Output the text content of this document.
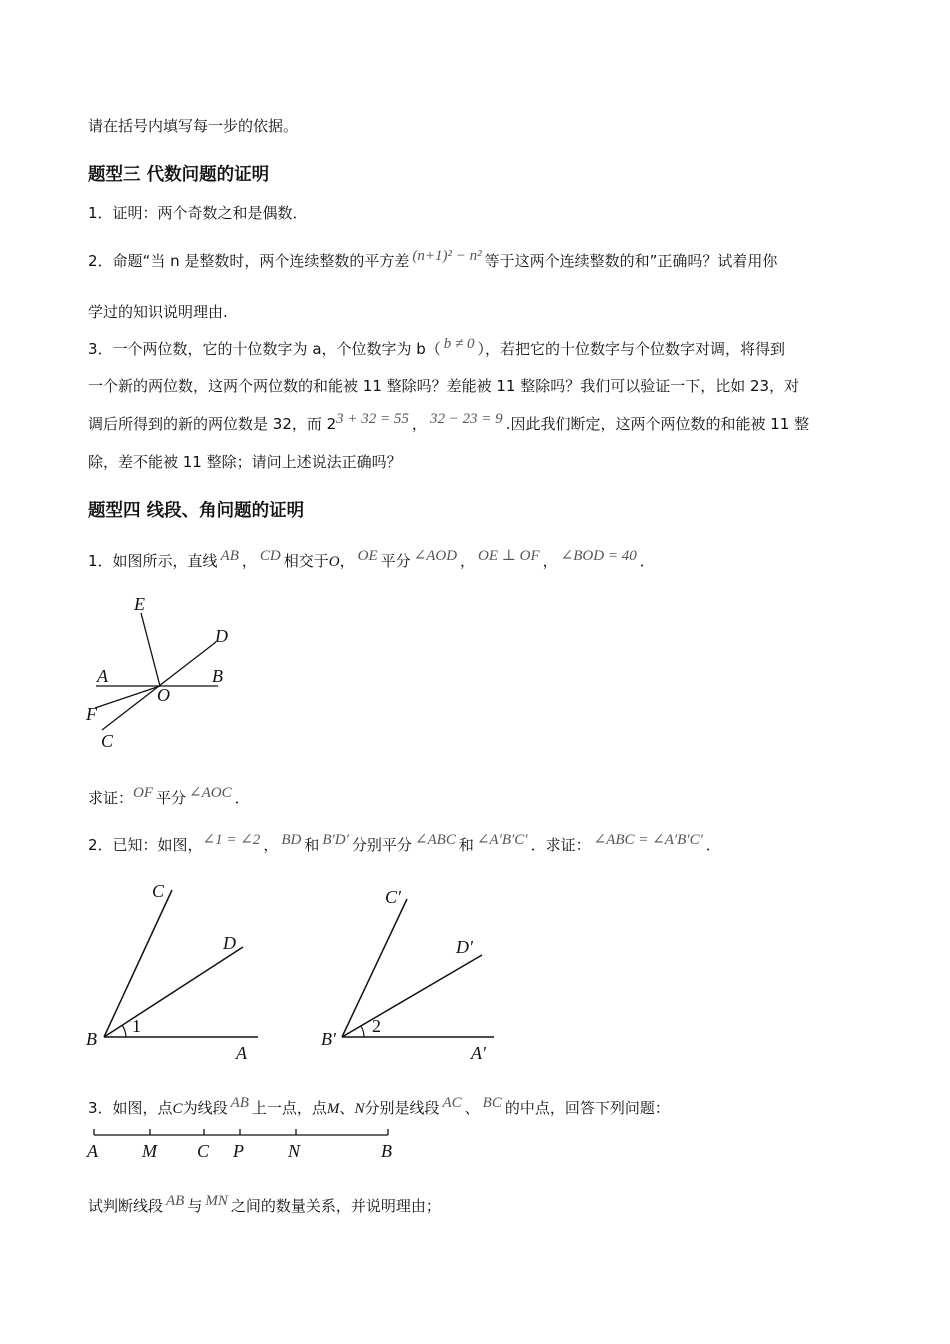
请在括号内填写每一步的依据。
题型三 代数问题的证明
1．证明：两个奇数之和是偶数．
2．命题“当 n 是整数时，两个连续整数的平方差 (n+1)² − n² 等于这两个连续整数的和”正确吗？试着用你
学过的知识说明理由.
3．一个两位数，它的十位数字为 a，个位数字为 b（ b ≠ 0 ），若把它的十位数字与个位数字对调，将得到
一个新的两位数，这两个两位数的和能被 11 整除吗？差能被 11 整除吗？我们可以验证一下，比如 23，对
调后所得到的新的两位数是 32，而 23 + 32 = 55 ， 32 − 23 = 9 .因此我们断定，这两个两位数的和能被 11 整
除，差不能被 11 整除；请问上述说法正确吗？
题型四 线段、角问题的证明
1．如图所示，直线 AB ， CD 相交于O， OE 平分 ∠AOD ， OE ⊥ OF ， ∠BOD = 40 ．
E
D
A	B
O
F
C
求证：OF 平分 ∠AOC ．
2．已知：如图，∠1 = ∠2 ， BD 和 B′D′ 分别平分 ∠ABC 和 ∠A′B′C′ ．求证： ∠ABC = ∠A′B′C′ ．
C
D
B
1
A
C′
D′
B′
2
A′
3．如图，点C为线段 AB 上一点，点M、N分别是线段 AC 、 BC 的中点，回答下列问题：
A M C P N	B
试判断线段 AB 与 MN 之间的数量关系，并说明理由；
